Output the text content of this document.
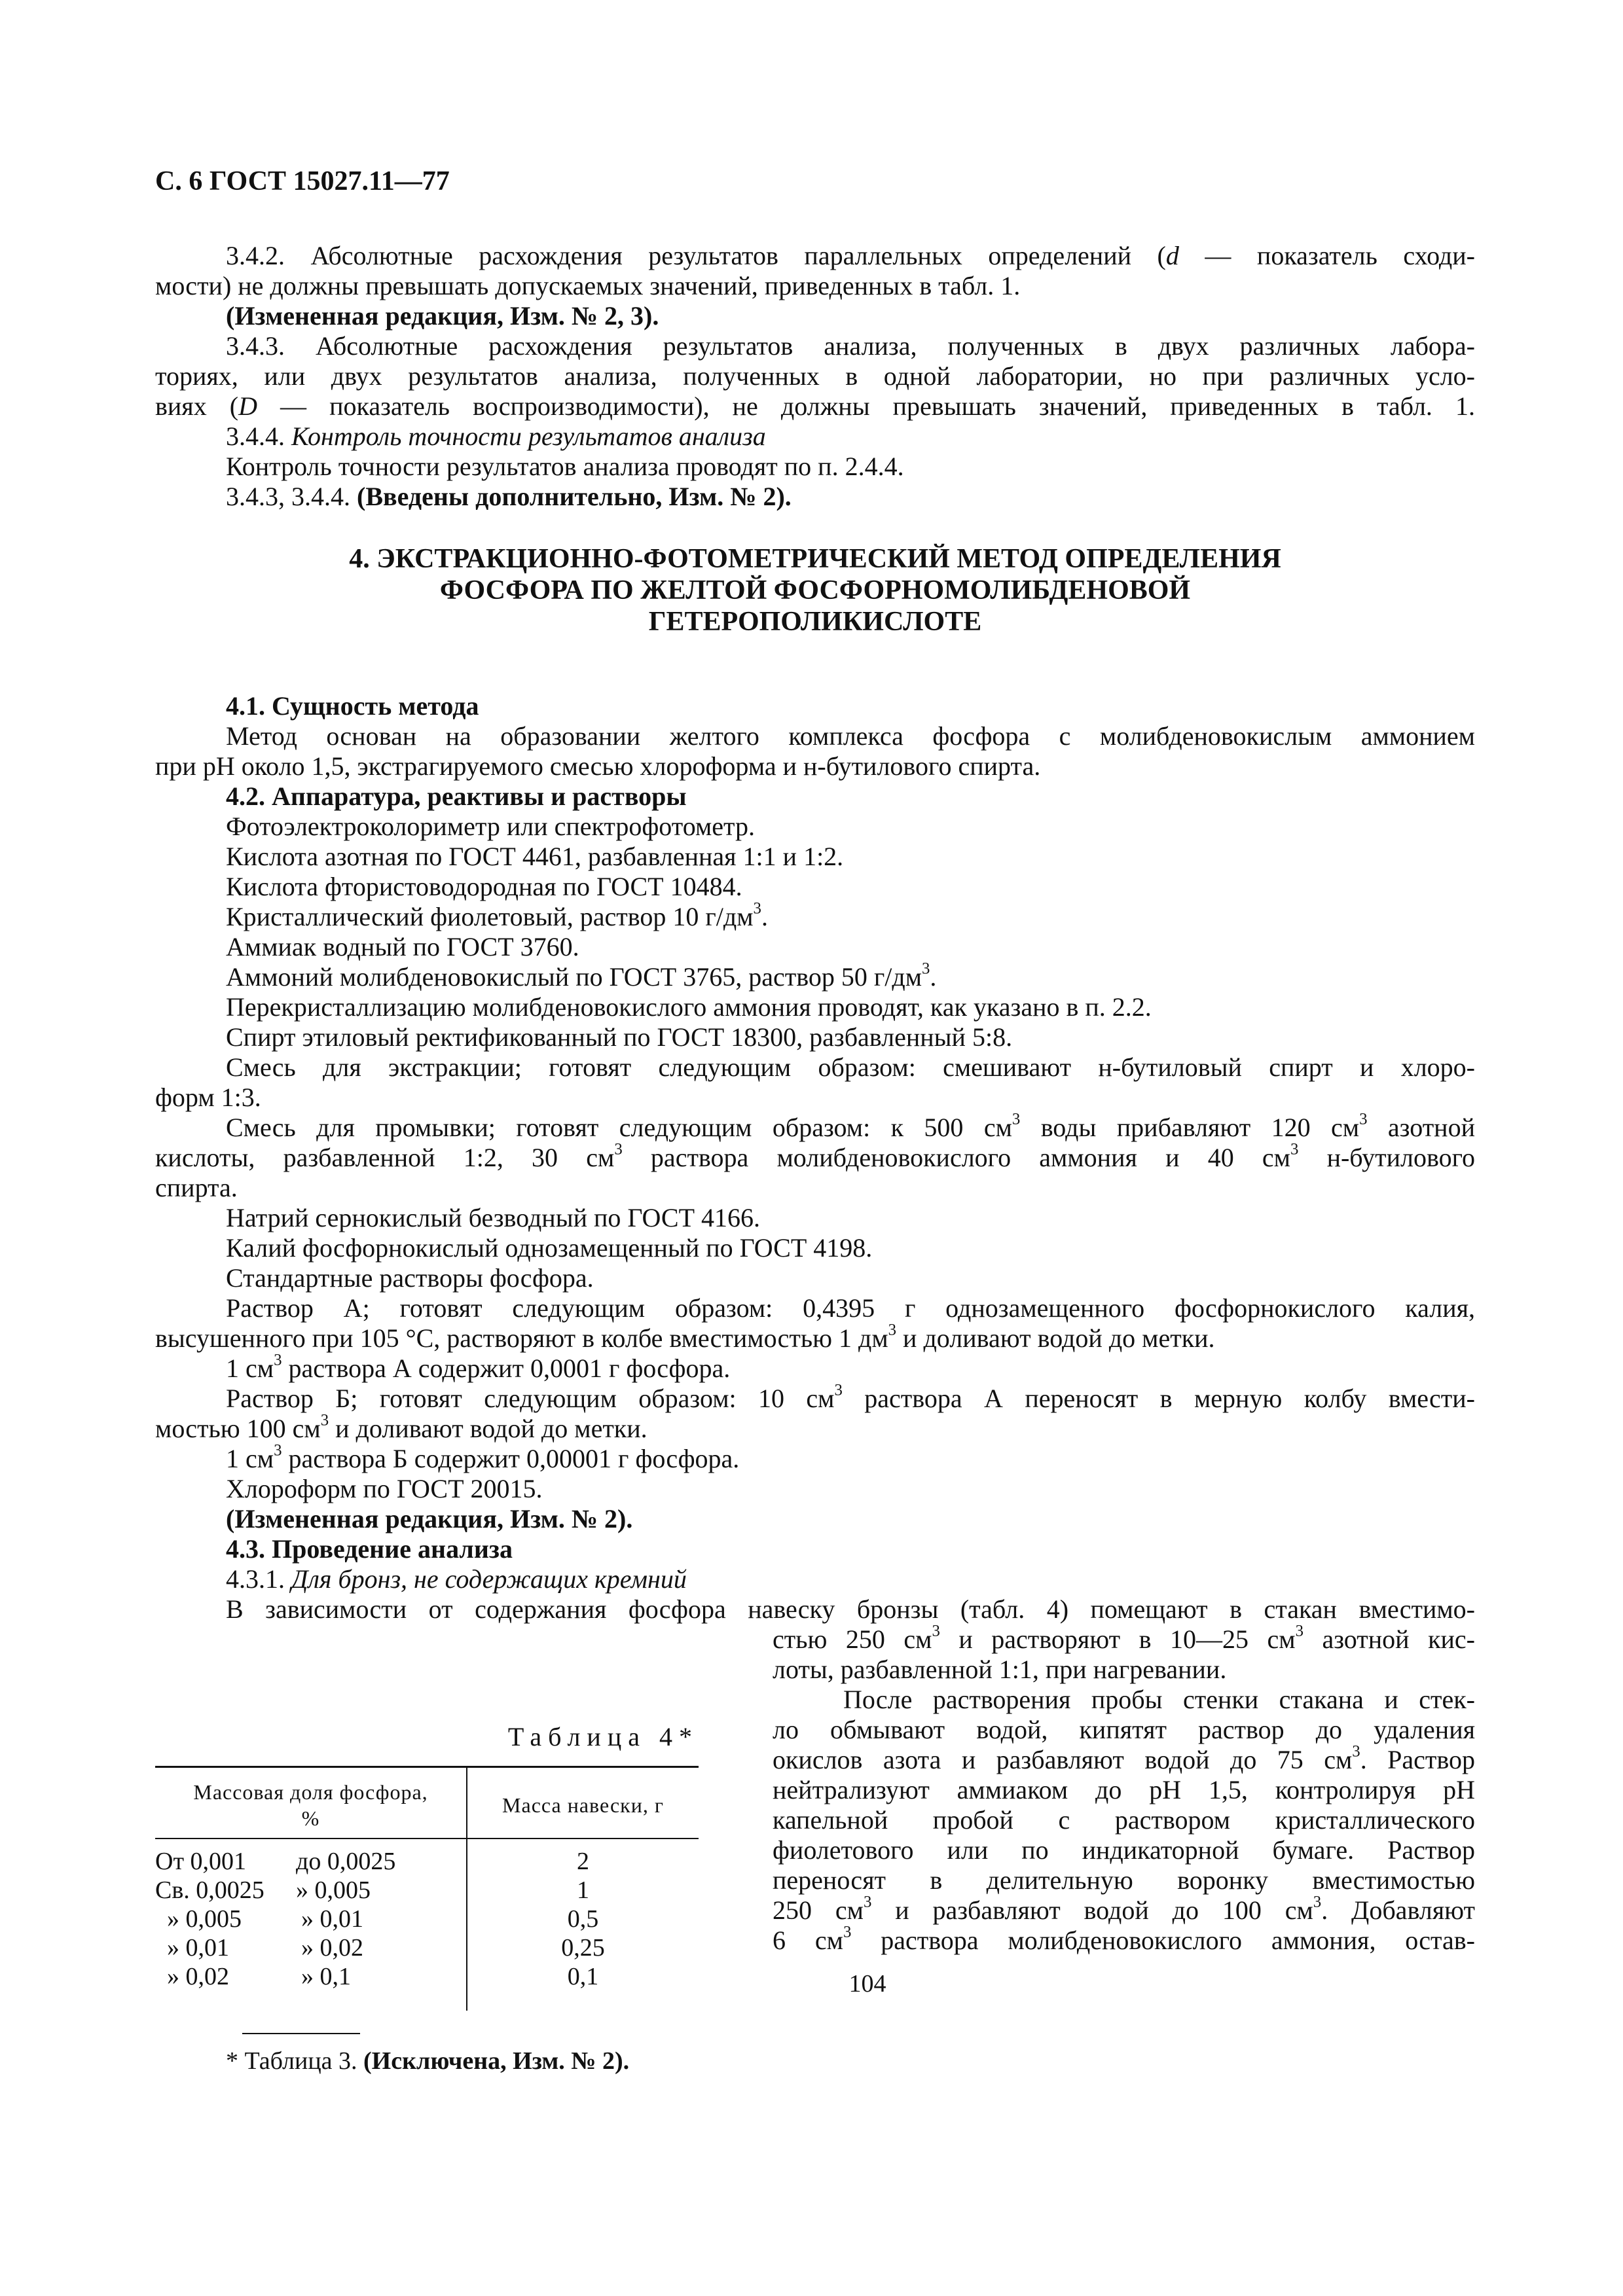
С. 6 ГОСТ 15027.11—77
3.4.2. Абсолютные расхождения результатов параллельных определений (d — показатель сходи-
мости) не должны превышать допускаемых значений, приведенных в табл. 1.
(Измененная редакция, Изм. № 2, 3).
3.4.3. Абсолютные расхождения результатов анализа, полученных в двух различных лабора-
ториях, или двух результатов анализа, полученных в одной лаборатории, но при различных усло-
виях (D — показатель воспроизводимости), не должны превышать значений, приведенных в табл. 1.
3.4.4. Контроль точности результатов анализа
Контроль точности результатов анализа проводят по п. 2.4.4.
3.4.3, 3.4.4. (Введены дополнительно, Изм. № 2).
4. ЭКСТРАКЦИОННО-ФОТОМЕТРИЧЕСКИЙ МЕТОД ОПРЕДЕЛЕНИЯ
ФОСФОРА ПО ЖЕЛТОЙ ФОСФОРНОМОЛИБДЕНОВОЙ
ГЕТЕРОПОЛИКИСЛОТЕ
4.1. Сущность метода
Метод основан на образовании желтого комплекса фосфора с молибденовокислым аммонием
при pH около 1,5, экстрагируемого смесью хлороформа и н-бутилового спирта.
4.2. Аппаратура, реактивы и растворы
Фотоэлектроколориметр или спектрофотометр.
Кислота азотная по ГОСТ 4461, разбавленная 1:1 и 1:2.
Кислота фтористоводородная по ГОСТ 10484.
Кристаллический фиолетовый, раствор 10 $г/дм^3$.
Аммиак водный по ГОСТ 3760.
Аммоний молибденовокислый по ГОСТ 3765, раствор 50 $г/дм^3$.
Перекристаллизацию молибденовокислого аммония проводят, как указано в п. 2.2.
Спирт этиловый ректификованный по ГОСТ 18300, разбавленный 5:8.
Смесь для экстракции; готовят следующим образом: смешивают н-бутиловый спирт и хлоро-
форм 1:3.
Смесь для промывки; готовят следующим образом: к 500 $см^3$ воды прибавляют 120 $см^3$ азотной
кислоты, разбавленной 1:2, 30 $см^3$ раствора молибденовокислого аммония и 40 $см^3$ н-бутилового
спирта.
Натрий сернокислый безводный по ГОСТ 4166.
Калий фосфорнокислый однозамещенный по ГОСТ 4198.
Стандартные растворы фосфора.
Раствор А; готовят следующим образом: 0,4395 г однозамещенного фосфорнокислого калия,
высушенного при 105 °С, растворяют в колбе вместимостью 1 $дм^3$ и доливают водой до метки.
1 $см^3$ раствора А содержит 0,0001 г фосфора.
Раствор Б; готовят следующим образом: 10 $см^3$ раствора А переносят в мерную колбу вмести-
мостью 100 $см^3$ и доливают водой до метки.
1 $см^3$ раствора Б содержит 0,00001 г фосфора.
Хлороформ по ГОСТ 20015.
(Измененная редакция, Изм. № 2).
4.3. Проведение анализа
4.3.1. Для бронз, не содержащих кремний
В зависимости от содержания фосфора навеску бронзы (табл. 4) помещают в стакан вместимо-
стью 250 $см^3$ и растворяют в 10—25 $см^3$ азотной кис-
лоты, разбавленной 1:1, при нагревании.
После растворения пробы стенки стакана и стек-
ло обмывают водой, кипятят раствор до удаления
окислов азота и разбавляют водой до 75 $см^3$. Раствор
нейтрализуют аммиаком до pH 1,5, контролируя pH
капельной пробой с раствором кристаллического
фиолетового или по индикаторной бумаге. Раствор
переносят в делительную воронку вместимостью
250 $см^3$ и разбавляют водой до 100 $см^3$. Добавляют
6 $см^3$ раствора молибденовокислого аммония, остав-
Таблица 4*
Массовая доля фосфора,
%
Масса навески, г
От 0,001 до 0,0025	2
Св. 0,0025 » 0,005	1
» 0,005 » 0,01	0,5
» 0,01	» 0,02	0,25
» 0,02	» 0,1	0,1
* Таблица 3. (Исключена, Изм. № 2).
104
